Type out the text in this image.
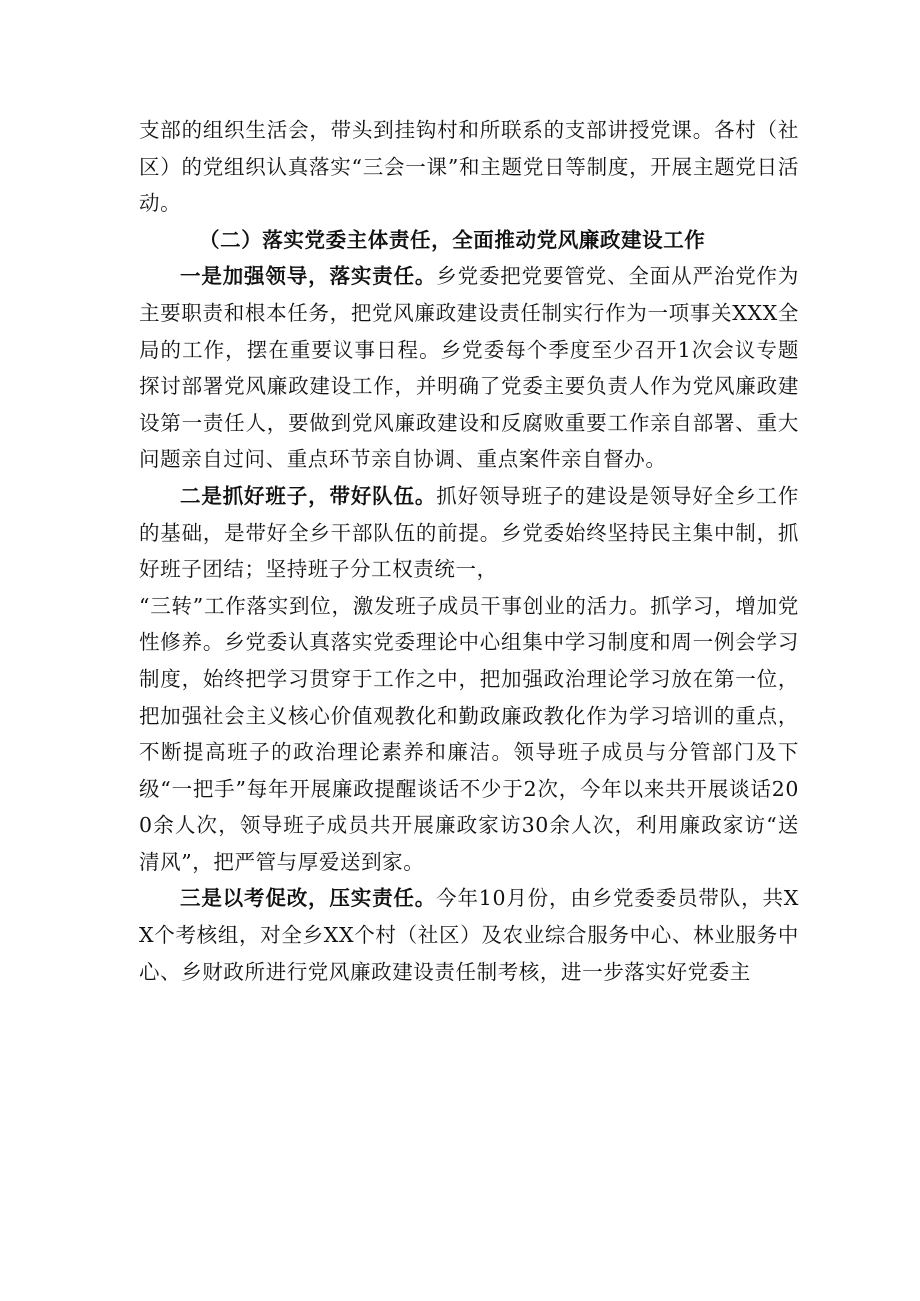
支部的组织生活会，带头到挂钩村和所联系的支部讲授党课。各村（社区）的党组织认真落实“三会一课”和主题党日等制度，开展主题党日活动。

（二）落实党委主体责任，全面推动党风廉政建设工作

一是加强领导，落实责任。乡党委把党要管党、全面从严治党作为主要职责和根本任务，把党风廉政建设责任制实行作为一项事关XXX全局的工作，摆在重要议事日程。乡党委每个季度至少召开1次会议专题探讨部署党风廉政建设工作，并明确了党委主要负责人作为党风廉政建设第一责任人，要做到党风廉政建设和反腐败重要工作亲自部署、重大问题亲自过问、重点环节亲自协调、重点案件亲自督办。

二是抓好班子，带好队伍。抓好领导班子的建设是领导好全乡工作的基础，是带好全乡干部队伍的前提。乡党委始终坚持民主集中制，抓好班子团结；坚持班子分工权责统一，

“三转”工作落实到位，激发班子成员干事创业的活力。抓学习，增加党性修养。乡党委认真落实党委理论中心组集中学习制度和周一例会学习制度，始终把学习贯穿于工作之中，把加强政治理论学习放在第一位，把加强社会主义核心价值观教化和勤政廉政教化作为学习培训的重点，不断提高班子的政治理论素养和廉洁。领导班子成员与分管部门及下级“一把手”每年开展廉政提醒谈话不少于2次，今年以来共开展谈话200余人次，领导班子成员共开展廉政家访30余人次，利用廉政家访“送清风”，把严管与厚爱送到家。

三是以考促改，压实责任。今年10月份，由乡党委委员带队，共XX个考核组，对全乡XX个村（社区）及农业综合服务中心、林业服务中心、乡财政所进行党风廉政建设责任制考核，进一步落实好党委主
